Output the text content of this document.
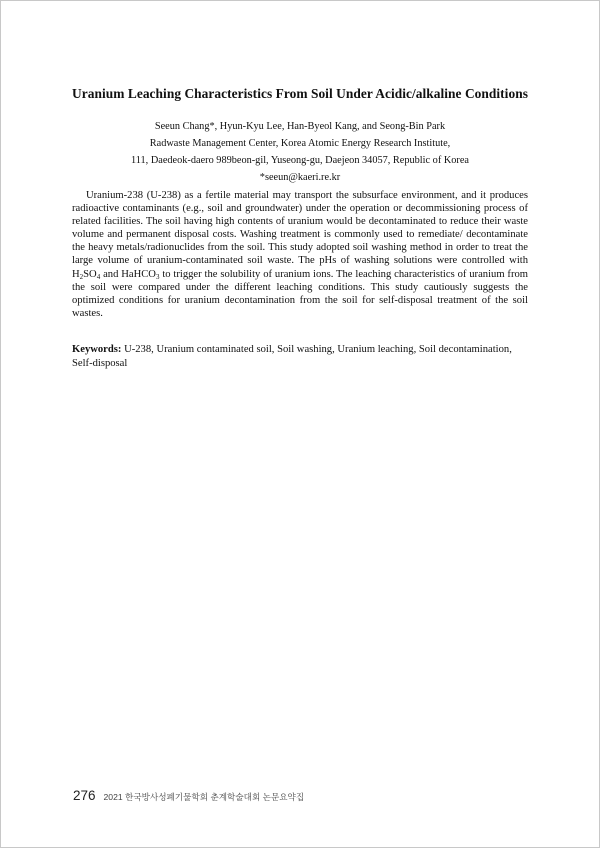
Uranium Leaching Characteristics From Soil Under Acidic/alkaline Conditions
Seeun Chang*, Hyun-Kyu Lee, Han-Byeol Kang, and Seong-Bin Park
Radwaste Management Center, Korea Atomic Energy Research Institute,
111, Daedeok-daero 989beon-gil, Yuseong-gu, Daejeon 34057, Republic of Korea
*seeun@kaeri.re.kr

Uranium-238 (U-238) as a fertile material may transport the subsurface environment, and it produces radioactive contaminants (e.g., soil and groundwater) under the operation or decommissioning process of related facilities. The soil having high contents of uranium would be decontaminated to reduce their waste volume and permanent disposal costs. Washing treatment is commonly used to remediate/ decontaminate the heavy metals/radionuclides from the soil. This study adopted soil washing method in order to treat the large volume of uranium-contaminated soil waste. The pHs of washing solutions were controlled with $H_2SO_4$ and HaHCO$_3$ to trigger the solubility of uranium ions. The leaching characteristics of uranium from the soil were compared under the different leaching conditions. This study cautiously suggests the optimized conditions for uranium decontamination from the soil for self-disposal treatment of the soil wastes.

Keywords: U-238, Uranium contaminated soil, Soil washing, Uranium leaching, Soil decontamination, Self-disposal

276 2021 한국방사성폐기물학회 춘계학술대회 논문요약집
